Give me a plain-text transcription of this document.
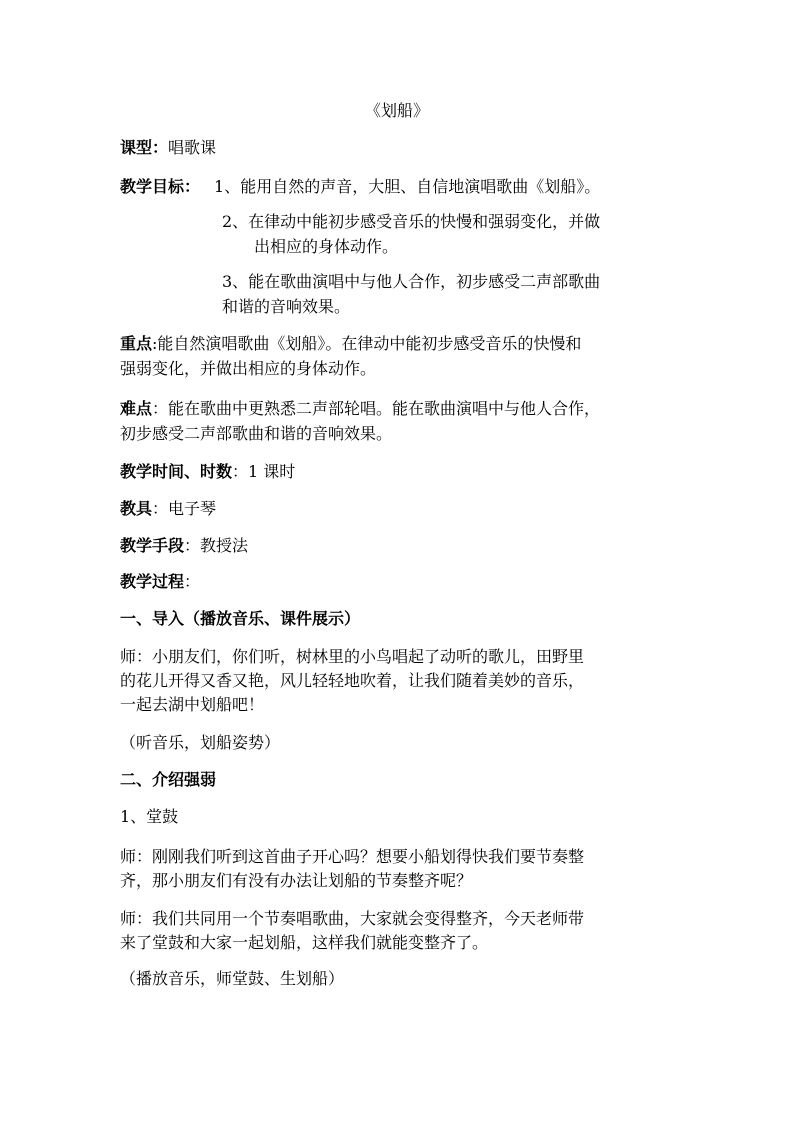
《划船》
课型：唱歌课
教学目标： 1、能用自然的声音，大胆、自信地演唱歌曲《划船》。
2、在律动中能初步感受音乐的快慢和强弱变化，并做
出相应的身体动作。
3、能在歌曲演唱中与他人合作，初步感受二声部歌曲
和谐的音响效果。
重点:能自然演唱歌曲《划船》。在律动中能初步感受音乐的快慢和
强弱变化，并做出相应的身体动作。
难点：能在歌曲中更熟悉二声部轮唱。能在歌曲演唱中与他人合作，
初步感受二声部歌曲和谐的音响效果。
教学时间、时数：1 课时
教具：电子琴
教学手段：教授法
教学过程：
一、导入（播放音乐、课件展示）
师：小朋友们，你们听，树林里的小鸟唱起了动听的歌儿，田野里
的花儿开得又香又艳，风儿轻轻地吹着，让我们随着美妙的音乐，
一起去湖中划船吧！
（听音乐，划船姿势）
二、介绍强弱
1、堂鼓
师：刚刚我们听到这首曲子开心吗？想要小船划得快我们要节奏整
齐，那小朋友们有没有办法让划船的节奏整齐呢？
师：我们共同用一个节奏唱歌曲，大家就会变得整齐，今天老师带
来了堂鼓和大家一起划船，这样我们就能变整齐了。
（播放音乐，师堂鼓、生划船）
